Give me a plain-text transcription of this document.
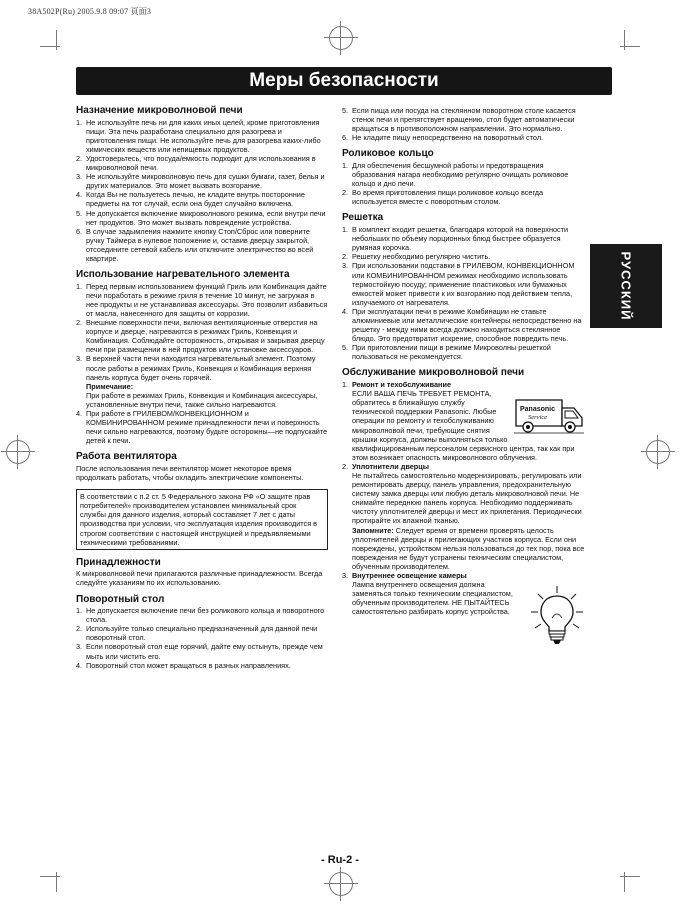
38A502P(Ru) 2005.9.8 09:07 頁面3
Меры безопасности
РУССКИЙ
Назначение микроволновой печи
1. Не используйте печь ни для каких иных целей, кроме приготовления пищи. Эта печь разработана специально для разогрева и приготовления пищи. Не используйте печь для разогрева каких-либо химических веществ или непищевых продуктов.
2. Удостоверьтесь, что посуда/емкость подходит для использования в микроволновой печи.
3. Не используйте микроволновую печь для сушки бумаги, газет, белья и других материалов. Это может вызвать возгорание.
4. Когда Вы не пользуетесь печью, не кладите внутрь посторонние предметы на тот случай, если она будет случайно включена.
5. Не допускается включение микроволнового режима, если внутри печи нет продуктов. Это может вызвать повреждение устройства.
6. В случае задымления нажмите кнопку Стоп/Сброс или поверните ручку Таймера в нулевое положение и, оставив дверцу закрытой, отсоедините сетевой кабель или отключите электричество во всей квартире.
Использование нагревательного элемента
1. Перед первым использованием функций Гриль или Комбинация дайте печи поработать в режиме гриля в течение 10 минут, не загружая в нее продукты и не устанавливая аксессуары. Это позволит избавиться от масла, нанесенного для защиты от коррозии.
2. Внешние поверхности печи, включая вентиляционные отверстия на корпусе и дверце, нагреваются в режимах Гриль, Конвекция и Комбинация. Соблюдайте осторожность, открывая и закрывая дверцу печи при размещении в ней продуктов или установке аксессуаров.
3. В верхней части печи находится нагревательный элемент. Поэтому после работы в режимах Гриль, Конвекция и Комбинация верхняя панель корпуса будет очень горячей.
Примечание:
При работе в режимах Гриль, Конвекция и Комбинация аксессуары, установленные внутри печи, также сильно нагреваются.
4. При работе в ГРИЛЕВОМ/КОНВЕКЦИОННОМ и КОМБИНИРОВАННОМ режиме принадлежности печи и поверхность печи сильно нагреваются, поэтому будьте осторожны—не подпускайте детей к печи.
Работа вентилятора

После использования печи вентилятор может некоторое время продолжать работать, чтобы охладить электрические компоненты.

В соответствии с п.2 ст. 5 Федерального закона РФ «О защите прав потребителей» производителем установлен минимальный срок службы для данного изделия, который составляет 7 лет с даты производства при условии, что эксплуатация изделия производится в строгом соответствии с настоящей инструкцией и предъявляемыми техническими требованиями.
Принадлежности

К микроволновой печи прилагаются различные принадлежности. Всегда следуйте указаниям по их использованию.

Поворотный стол
1. Не допускается включение печи без роликового кольца и поворотного стола.
2. Используйте только специально предназначенный для данной печи поворотный стол.
3. Если поворотный стол еще горячий, дайте ему остынуть, прежде чем мыть или чистить его.
4. Поворотный стол может вращаться в разных направлениях.
5. Если пища или посуда на стеклянном поворотном столе касается стенок печи и препятствует вращению, стол будет автоматически вращаться в противоположном направлении. Это нормально.
6. Не кладите пищу непосредственно на поворотный стол.
Роликовое кольцо
1. Для обеспечения бесшумной работы и предотвращения образования нагара необходимо регулярно очищать роликовое кольцо и дно печи.
2. Во время приготовления пищи роликовое кольцо всегда используется вместе с поворотным столом.
Решетка
1. В комплект входит решетка, благодаря которой на поверхности небольших по объему порционных блюд быстрее образуется румяная корочка.
2. Решетку необходимо регулярно чистить.
3. При использовании подставки в ГРИЛЕВОМ, КОНВЕКЦИОННОМ или КОМБИНИРОВАННОМ режимах необходимо использовать термостойкую посуду; применение пластиковых или бумажных емкостей может привести к их возгоранию под действием тепла, излучаемого от нагревателя.
4. При эксплуатации печи в режиме Комбинации не ставьте алюминиевые или металлические контейнеры непосредственно на решетку - между ними всегда должно находиться стеклянное блюдо. Это предотвратит искрение, способное повредить печь.
5. При приготовлении пищи в режиме Микроволны решеткой пользоваться не рекомендуется.
Обслуживание микроволновой печи
1. Ремонт и техобслуживание
Panasonic
Service
ЕСЛИ ВАША ПЕЧЬ ТРЕБУЕТ РЕМОНТА, обратитесь в ближайшую службу технической поддержки Panasonic. Любые операции по ремонту и техобслуживанию микроволновой печи, требующие снятия крышки корпуса, должны выполняться только квалифицированным персоналом сервисного центра, так как при этом возникает опасность микроволнового облучения.
2. Уплотнители дверцы
Не пытайтесь самостоятельно модернизировать, регулировать или ремонтировать дверцу, панель управления, предохранительную систему замка дверцы или любую деталь микроволновой печи. Не снимайте переднюю панель корпуса. Необходимо поддерживать чистоту уплотнителей дверцы и мест их прилегания. Периодически протирайте их влажной тканью.
Запомните: Следует время от времени проверять целость уплотнителей дверцы и прилегающих участков корпуса. Если они повреждены, устройством нельзя пользоваться до тех пор, пока все повреждения не будут устранены техническим специалистом, обученным производителем.
3. Внутреннее освещение камеры
Лампа внутреннего освещения должна заменяться только техническим специалистом, обученным производителем. НЕ ПЫТАЙТЕСЬ самостоятельно разбирать корпус устройства.
- Ru-2 -
